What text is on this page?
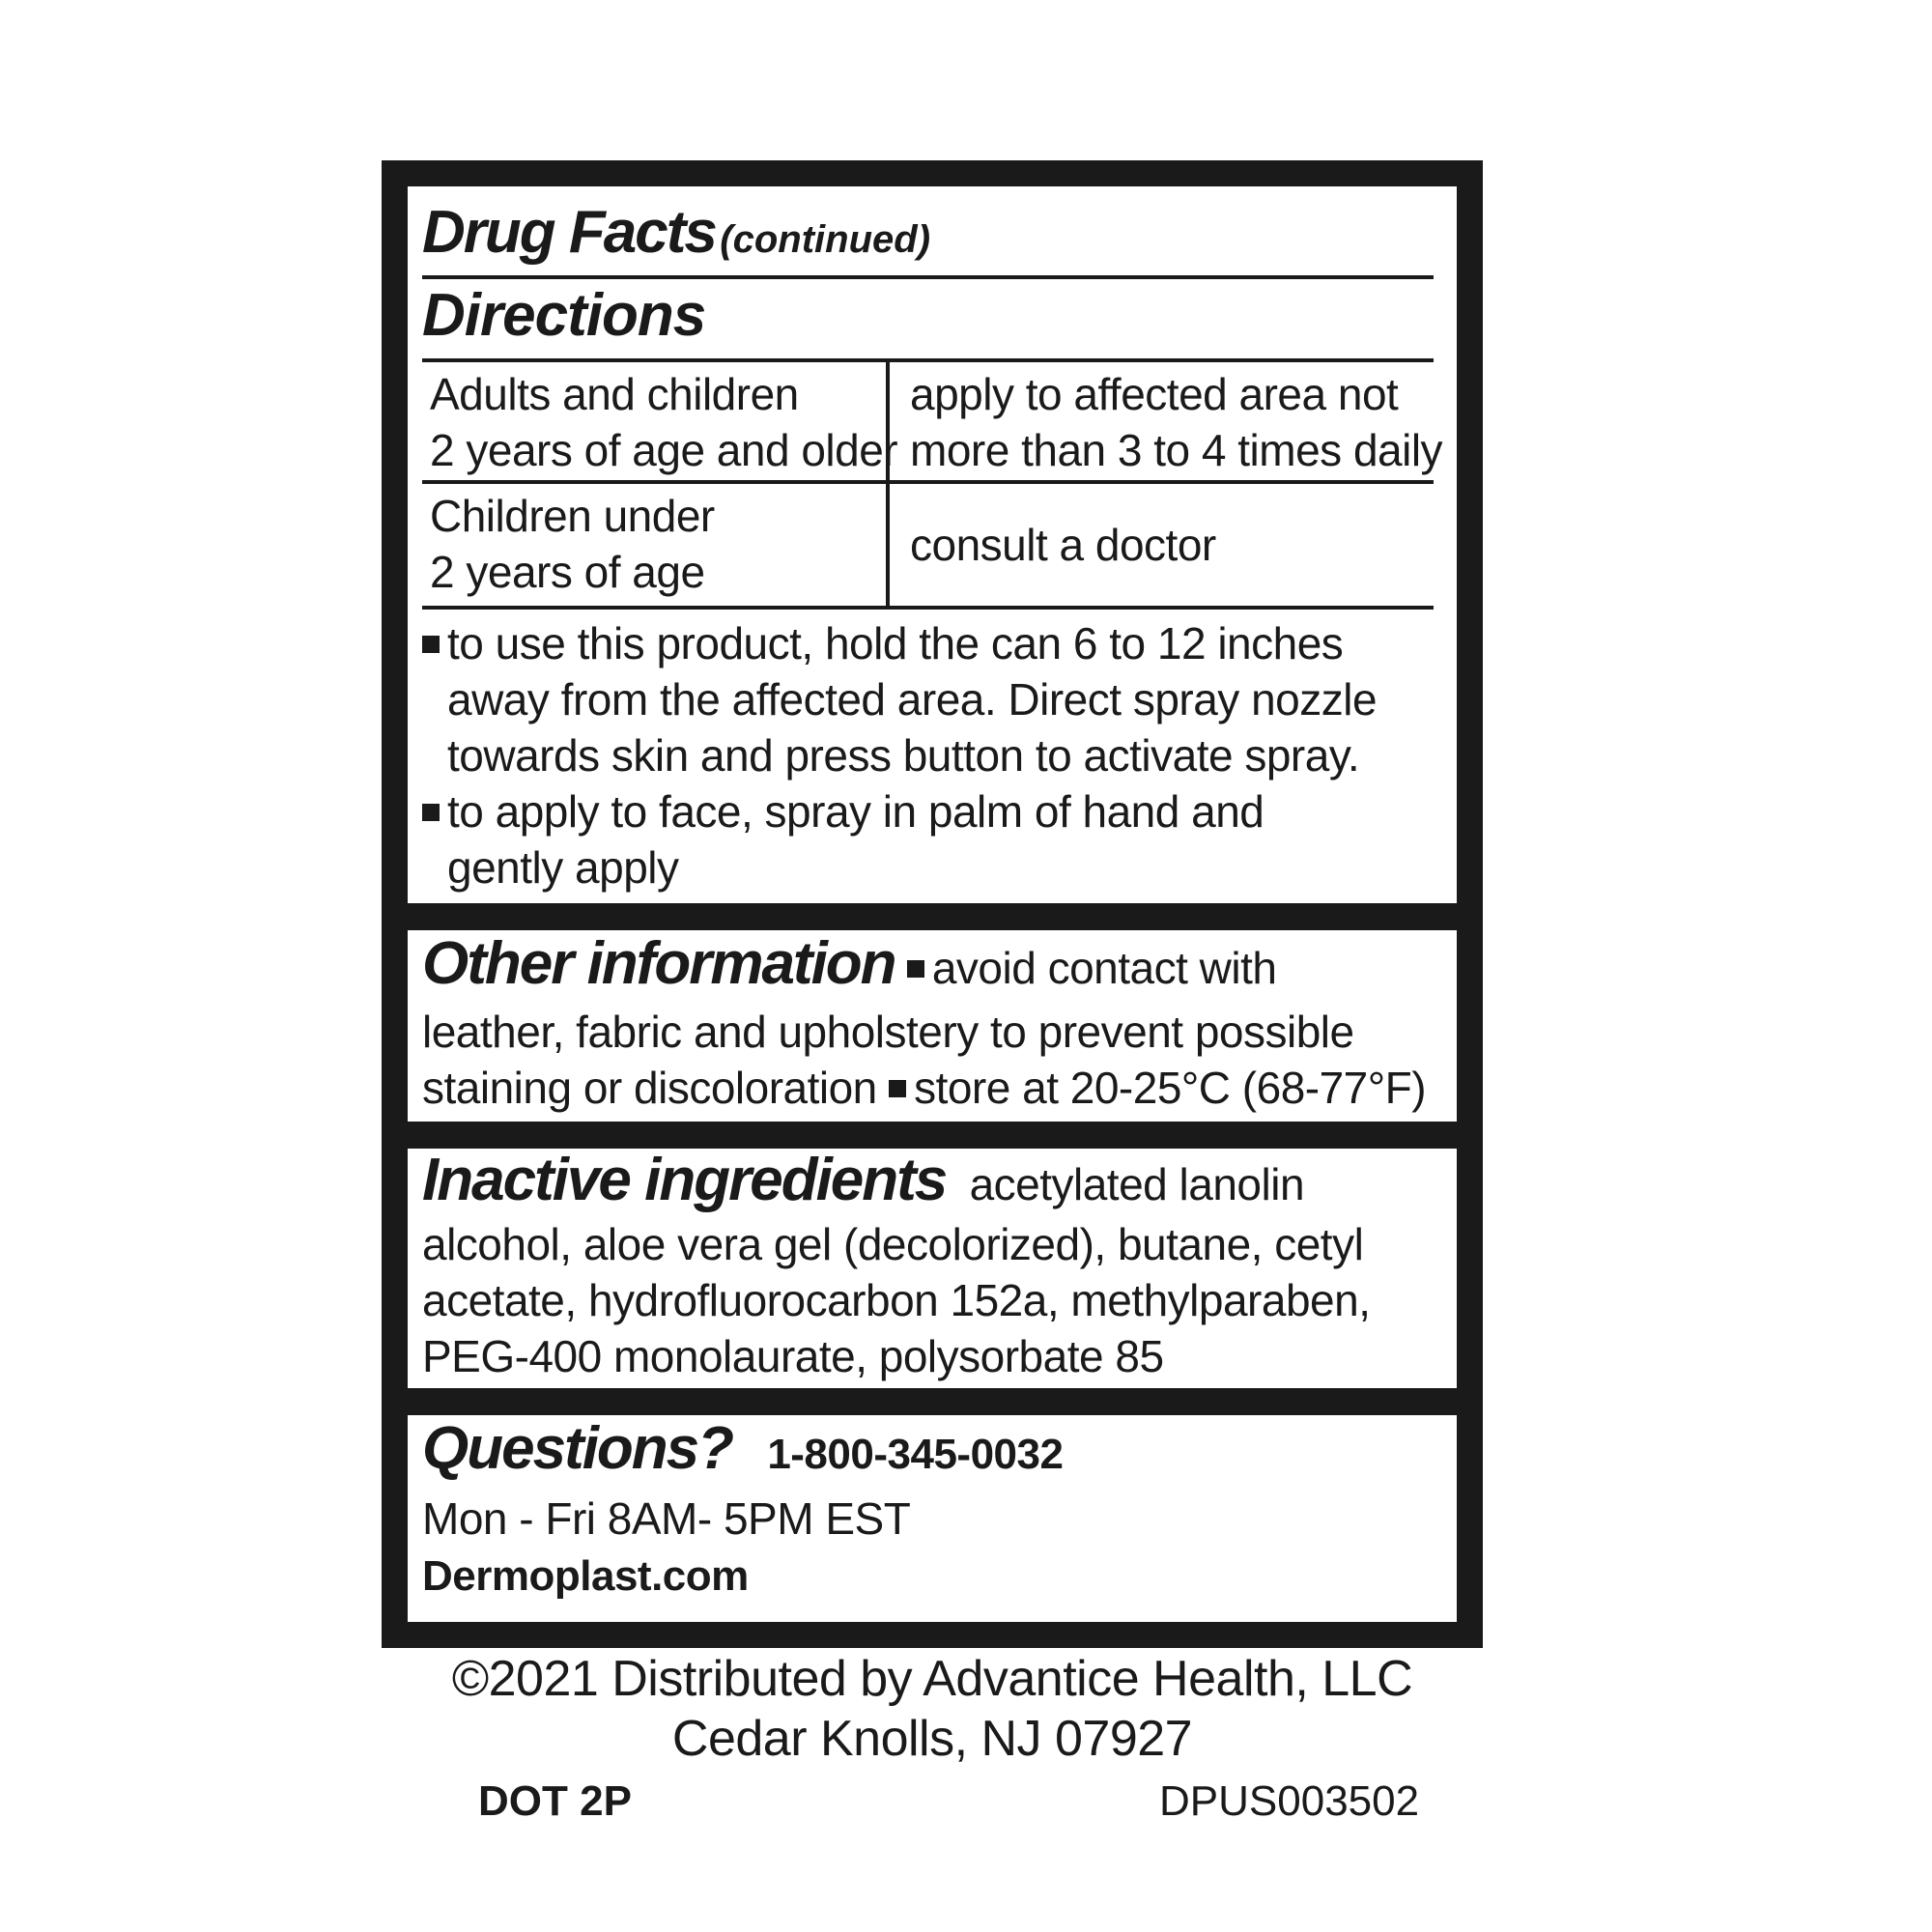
Drug Facts (continued)
Directions
Adults and children
2 years of age and older
apply to affected area not
more than 3 to 4 times daily
Children under
2 years of age
consult a doctor
to use this product, hold the can 6 to 12 inches
away from the affected area. Direct spray nozzle
towards skin and press button to activate spray.
to apply to face, spray in palm of hand and
gently apply
Other information avoid contact with
leather, fabric and upholstery to prevent possible
staining or discoloration store at 20-25°C (68-77°F)
Inactive ingredients acetylated lanolin
alcohol, aloe vera gel (decolorized), butane, cetyl
acetate, hydrofluorocarbon 152a, methylparaben,
PEG-400 monolaurate, polysorbate 85
Questions? 1-800-345-0032
Mon - Fri 8AM- 5PM EST
Dermoplast.com
©2021 Distributed by Advantice Health, LLC
Cedar Knolls, NJ 07927
DOT 2P	DPUS003502
